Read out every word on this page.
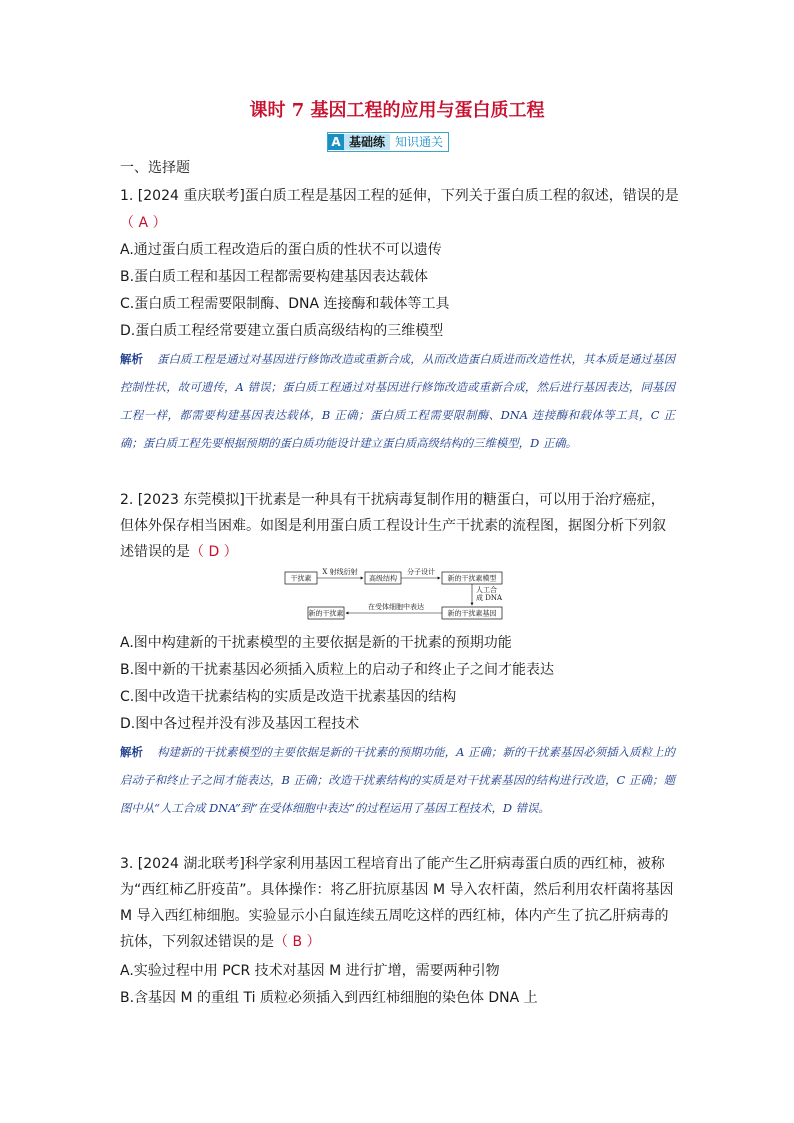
课时 7 基因工程的应用与蛋白质工程
A 基础练 知识通关
一、选择题
1. [2024 重庆联考]蛋白质工程是基因工程的延伸，下列关于蛋白质工程的叙述，错误的是
（ A ）
A.通过蛋白质工程改造后的蛋白质的性状不可以遗传
B.蛋白质工程和基因工程都需要构建基因表达载体
C.蛋白质工程需要限制酶、DNA 连接酶和载体等工具
D.蛋白质工程经常要建立蛋白质高级结构的三维模型
解析 蛋白质工程是通过对基因进行修饰改造或重新合成，从而改造蛋白质进而改造性状，其本质是通过基因控制性状，故可遗传，A 错误；蛋白质工程通过对基因进行修饰改造或重新合成，然后进行基因表达，同基因工程一样，都需要构建基因表达载体，B 正确；蛋白质工程需要限制酶、DNA 连接酶和载体等工具，C 正确；蛋白质工程先要根据预期的蛋白质功能设计建立蛋白质高级结构的三维模型，D 正确。
2. [2023 东莞模拟]干扰素是一种具有干扰病毒复制作用的糖蛋白，可以用于治疗癌症，但体外保存相当困难。如图是利用蛋白质工程设计生产干扰素的流程图，据图分析下列叙述错误的是（ D ）
干扰素
X 射线衍射
高级结构
分子设计
新的干扰素模型
人工合
成 DNA
新的干扰素基因
在受体细胞中表达
新的干扰素
A.图中构建新的干扰素模型的主要依据是新的干扰素的预期功能
B.图中新的干扰素基因必须插入质粒上的启动子和终止子之间才能表达
C.图中改造干扰素结构的实质是改造干扰素基因的结构
D.图中各过程并没有涉及基因工程技术
解析 构建新的干扰素模型的主要依据是新的干扰素的预期功能，A 正确；新的干扰素基因必须插入质粒上的启动子和终止子之间才能表达，B 正确；改造干扰素结构的实质是对干扰素基因的结构进行改造，C 正确；题图中从“人工合成 DNA”到“在受体细胞中表达”的过程运用了基因工程技术，D 错误。
3. [2024 湖北联考]科学家利用基因工程培育出了能产生乙肝病毒蛋白质的西红柿，被称为“西红柿乙肝疫苗”。具体操作：将乙肝抗原基因 M 导入农杆菌，然后利用农杆菌将基因 M 导入西红柿细胞。实验显示小白鼠连续五周吃这样的西红柿，体内产生了抗乙肝病毒的抗体，下列叙述错误的是（ B ）
A.实验过程中用 PCR 技术对基因 M 进行扩增，需要两种引物
B.含基因 M 的重组 Ti 质粒必须插入到西红柿细胞的染色体 DNA 上
